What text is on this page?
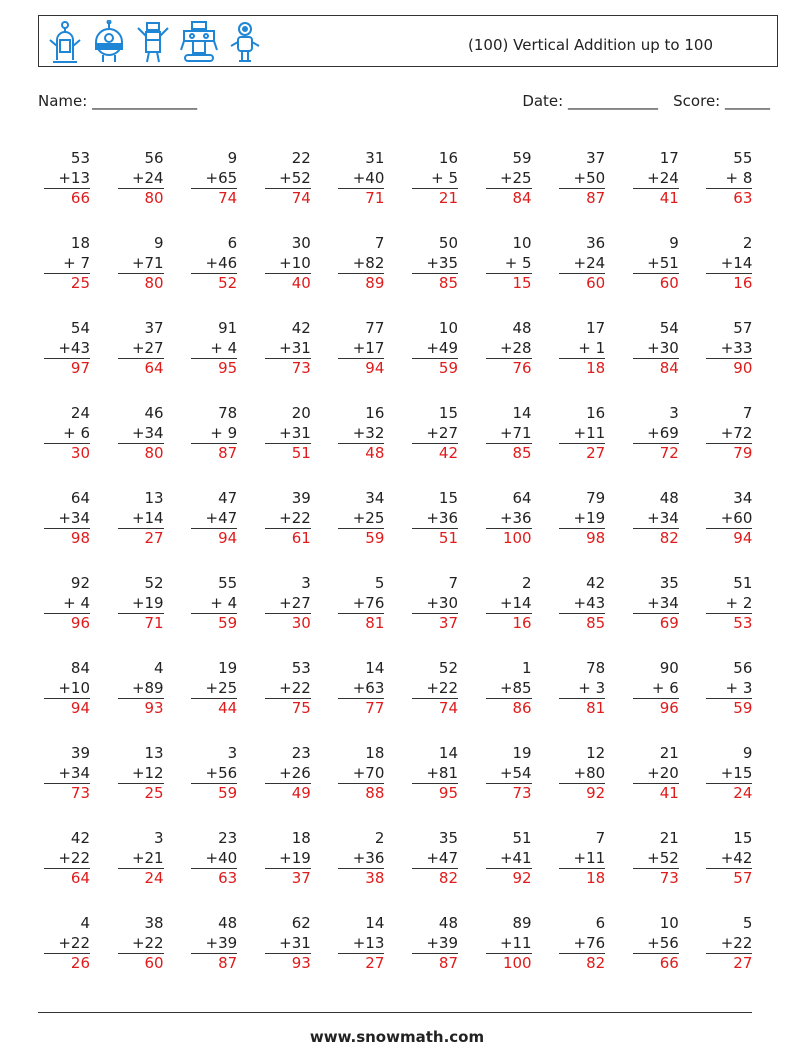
(100) Vertical Addition up to 100
Name: ______________	Date: ____________ Score: ______
53
+13
66
56
+24
80
9
+65
74
22
+52
74
31
+40
71
16
+ 5
21
59
+25
84
37
+50
87
17
+24
41
55
+ 8
63
18
+ 7
25
9
+71
80
6
+46
52
30
+10
40
7
+82
89
50
+35
85
10
+ 5
15
36
+24
60
9
+51
60
2
+14
16
54
+43
97
37
+27
64
91
+ 4
95
42
+31
73
77
+17
94
10
+49
59
48
+28
76
17
+ 1
18
54
+30
84
57
+33
90
24
+ 6
30
46
+34
80
78
+ 9
87
20
+31
51
16
+32
48
15
+27
42
14
+71
85
16
+11
27
3
+69
72
7
+72
79
64
+34
98
13
+14
27
47
+47
94
39
+22
61
34
+25
59
15
+36
51
64
+36
100
79
+19
98
48
+34
82
34
+60
94
92
+ 4
96
52
+19
71
55
+ 4
59
3
+27
30
5
+76
81
7
+30
37
2
+14
16
42
+43
85
35
+34
69
51
+ 2
53
84
+10
94
4
+89
93
19
+25
44
53
+22
75
14
+63
77
52
+22
74
1
+85
86
78
+ 3
81
90
+ 6
96
56
+ 3
59
39
+34
73
13
+12
25
3
+56
59
23
+26
49
18
+70
88
14
+81
95
19
+54
73
12
+80
92
21
+20
41
9
+15
24
42
+22
64
3
+21
24
23
+40
63
18
+19
37
2
+36
38
35
+47
82
51
+41
92
7
+11
18
21
+52
73
15
+42
57
4
+22
26
38
+22
60
48
+39
87
62
+31
93
14
+13
27
48
+39
87
89
+11
100
6
+76
82
10
+56
66
5
+22
27
www.snowmath.com
